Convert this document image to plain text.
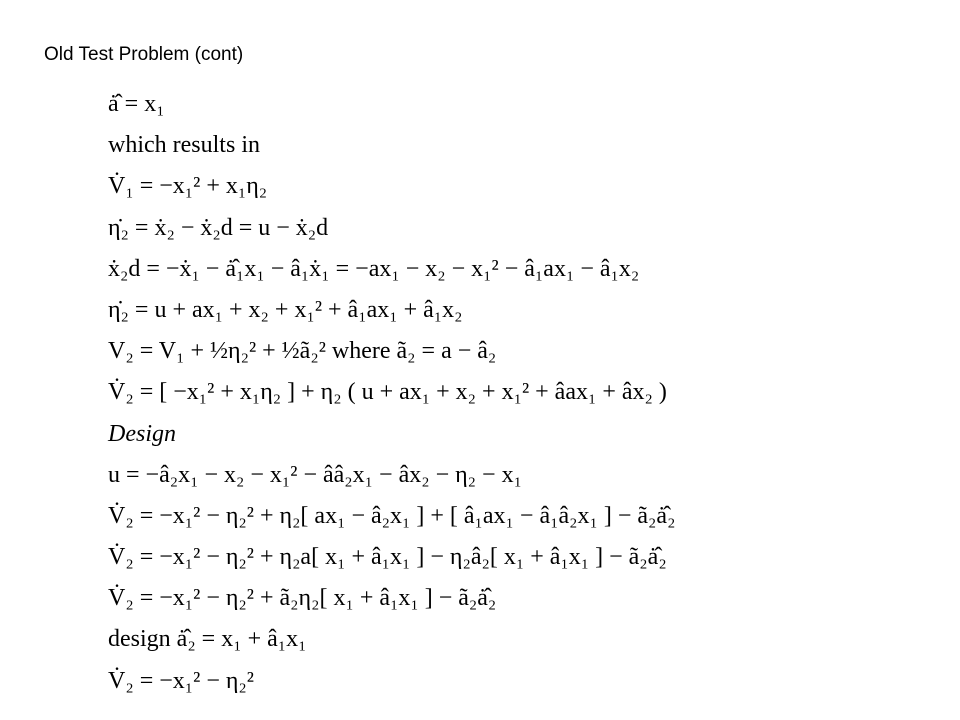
Old Test Problem (cont)
ȧ̂ = x₁
which results in
V̇₁ = −x₁² + x₁η₂
η̇₂ = ẋ₂ − ẋ₂d = u − ẋ₂d
ẋ₂d = −ẋ₁ − ȧ̂₁x₁ − â₁ẋ₁ = −ax₁ − x₂ − x₁² − â₁ax₁ − â₁x₂
η̇₂ = u + ax₁ + x₂ + x₁² + â₁ax₁ + â₁x₂
V₂ = V₁ + ½η₂² + ½ã₂² where ã₂ = a − â₂
V̇₂ = [ −x₁² + x₁η₂ ] + η₂ ( u + ax₁ + x₂ + x₁² + âax₁ + âx₂ )
Design
u = −â₂x₁ − x₂ − x₁² − ââ₂x₁ − âx₂ − η₂ − x₁
V̇₂ = −x₁² − η₂² + η₂[ ax₁ − â₂x₁ ] + [ â₁ax₁ − â₁â₂x₁ ] − ã₂ȧ̂₂
V̇₂ = −x₁² − η₂² + η₂a[ x₁ + â₁x₁ ] − η₂â₂[ x₁ + â₁x₁ ] − ã₂ȧ̂₂
V̇₂ = −x₁² − η₂² + ã₂η₂[ x₁ + â₁x₁ ] − ã₂ȧ̂₂
design ȧ̂₂ = x₁ + â₁x₁
V̇₂ = −x₁² − η₂²
